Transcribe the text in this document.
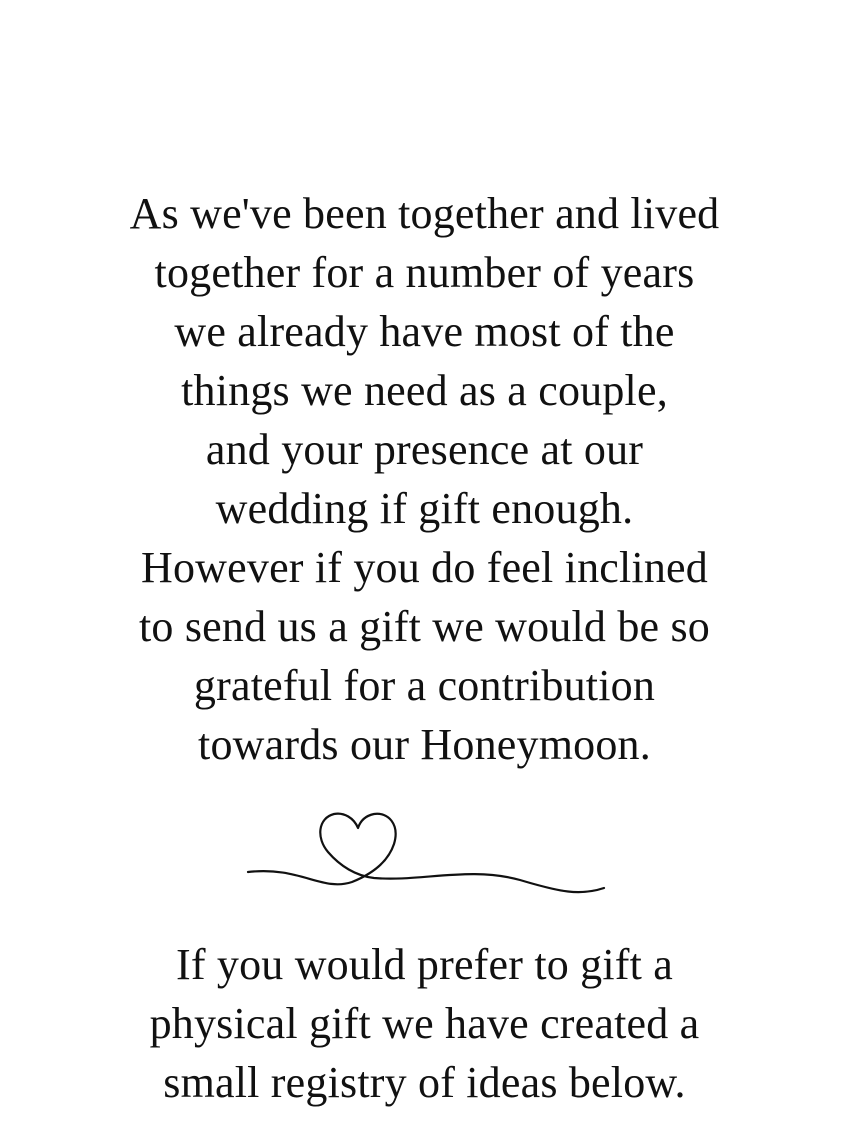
As we've been together and lived
together for a number of years
we already have most of the
things we need as a couple,
and your presence at our
wedding if gift enough.
However if you do feel inclined
to send us a gift we would be so
grateful for a contribution
towards our Honeymoon.
If you would prefer to gift a
physical gift we have created a
small registry of ideas below.
